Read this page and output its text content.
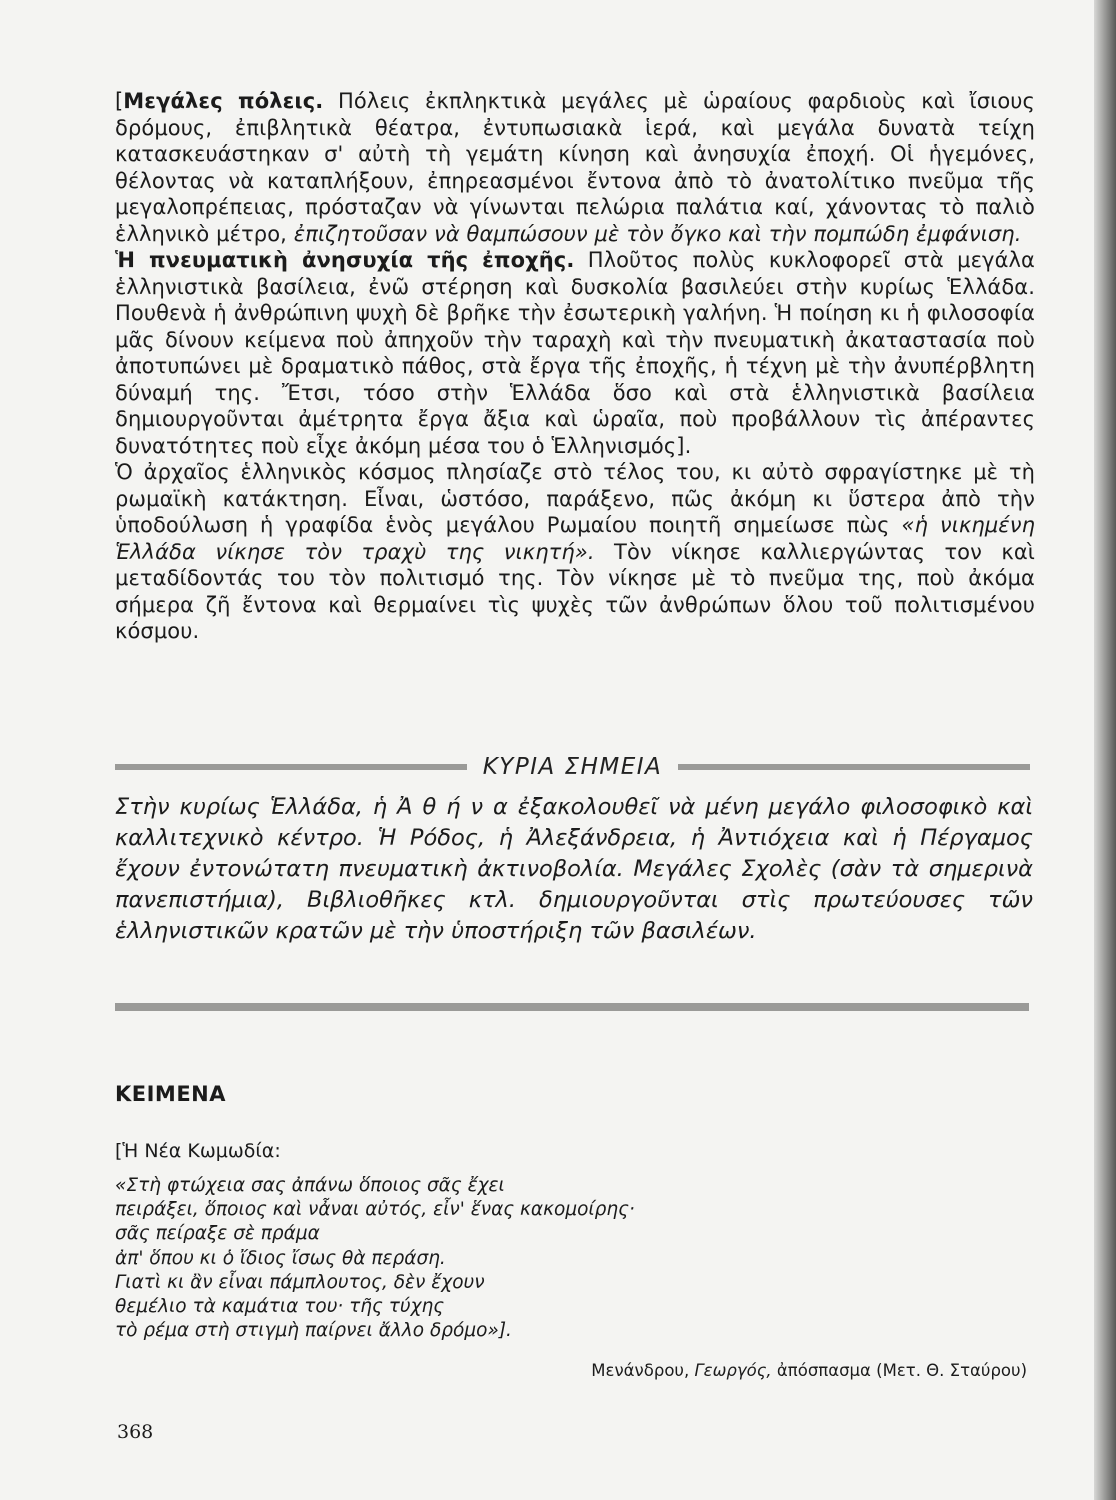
[Μεγάλες πόλεις. Πόλεις ἐκπληκτικὰ μεγάλες μὲ ὡραίους φαρδιοὺς καὶ ἴσιους δρόμους, ἐπιβλητικὰ θέατρα, ἐντυπωσιακὰ ἱερά, καὶ μεγάλα δυνατὰ τείχη κατασκευάστηκαν σ' αὐτὴ τὴ γεμάτη κίνηση καὶ ἀνησυχία ἐποχή. Οἱ ἡγεμόνες, θέλοντας νὰ καταπλήξουν, ἐπηρεασμένοι ἔντονα ἀπὸ τὸ ἀνατολίτικο πνεῦμα τῆς μεγαλοπρέπειας, πρόσταζαν νὰ γίνωνται πελώρια παλάτια καί, χάνοντας τὸ παλιὸ ἑλληνικὸ μέτρο, ἐπιζητοῦσαν νὰ θαμπώσουν μὲ τὸν ὄγκο καὶ τὴν πομπώδη ἐμφάνιση.

Ἡ πνευματικὴ ἀνησυχία τῆς ἐποχῆς. Πλοῦτος πολὺς κυκλοφορεῖ στὰ μεγάλα ἑλληνιστικὰ βασίλεια, ἐνῶ στέρηση καὶ δυσκολία βασιλεύει στὴν κυρίως Ἑλλάδα. Πουθενὰ ἡ ἀνθρώπινη ψυχὴ δὲ βρῆκε τὴν ἐσωτερικὴ γαλήνη. Ἡ ποίηση κι ἡ φιλοσοφία μᾶς δίνουν κείμενα ποὺ ἀπηχοῦν τὴν ταραχὴ καὶ τὴν πνευματικὴ ἀκαταστασία ποὺ ἀποτυπώνει μὲ δραματικὸ πάθος, στὰ ἔργα τῆς ἐποχῆς, ἡ τέχνη μὲ τὴν ἀνυπέρβλητη δύναμή της. Ἔτσι, τόσο στὴν Ἑλλάδα ὅσο καὶ στὰ ἑλληνιστικὰ βασίλεια δημιουργοῦνται ἀμέτρητα ἔργα ἄξια καὶ ὡραῖα, ποὺ προβάλλουν τὶς ἀπέραντες δυνατότητες ποὺ εἶχε ἀκόμη μέσα του ὁ Ἑλληνισμός].

Ὁ ἀρχαῖος ἑλληνικὸς κόσμος πλησίαζε στὸ τέλος του, κι αὐτὸ σφραγίστηκε μὲ τὴ ρωμαϊκὴ κατάκτηση. Εἶναι, ὡστόσο, παράξενο, πῶς ἀκόμη κι ὕστερα ἀπὸ τὴν ὑποδούλωση ἡ γραφίδα ἑνὸς μεγάλου Ρωμαίου ποιητῆ σημείωσε πὼς «ἡ νικημένη Ἑλλάδα νίκησε τὸν τραχὺ της νικητή». Τὸν νίκησε καλλιεργώντας τον καὶ μεταδίδοντάς του τὸν πολιτισμό της. Τὸν νίκησε μὲ τὸ πνεῦμα της, ποὺ ἀκόμα σήμερα ζῆ ἔντονα καὶ θερμαίνει τὶς ψυχὲς τῶν ἀνθρώπων ὅλου τοῦ πολιτισμένου κόσμου.

ΚΥΡΙΑ ΣΗΜΕΙΑ

Στὴν κυρίως Ἑλλάδα, ἡ Ἀ θ ή ν α ἐξακολουθεῖ νὰ μένη μεγάλο φιλοσοφικὸ καὶ καλλιτεχνικὸ κέντρο. Ἡ Ρόδος, ἡ Ἀλεξάνδρεια, ἡ Ἀντιόχεια καὶ ἡ Πέργαμος ἔχουν ἐντονώτατη πνευματικὴ ἀκτινοβολία. Μεγάλες Σχολὲς (σὰν τὰ σημερινὰ πανεπιστήμια), Βιβλιοθῆκες κτλ. δημιουργοῦνται στὶς πρωτεύουσες τῶν ἑλληνιστικῶν κρατῶν μὲ τὴν ὑποστήριξη τῶν βασιλέων.

ΚΕΙΜΕΝΑ

[Ἡ Νέα Κωμωδία:

«Στὴ φτώχεια σας ἀπάνω ὅποιος σᾶς ἔχει
πειράξει, ὅποιος καὶ νἆναι αὐτός, εἶν' ἕνας κακομοίρης·
σᾶς πείραξε σὲ πράμα
ἀπ' ὅπου κι ὁ ἴδιος ἴσως θὰ περάση.
Γιατὶ κι ἂν εἶναι πάμπλουτος, δὲν ἔχουν
θεμέλιο τὰ καμάτια του· τῆς τύχης
τὸ ρέμα στὴ στιγμὴ παίρνει ἄλλο δρόμο»].

Μενάνδρου, Γεωργός, ἀπόσπασμα (Μετ. Θ. Σταύρου)

368
